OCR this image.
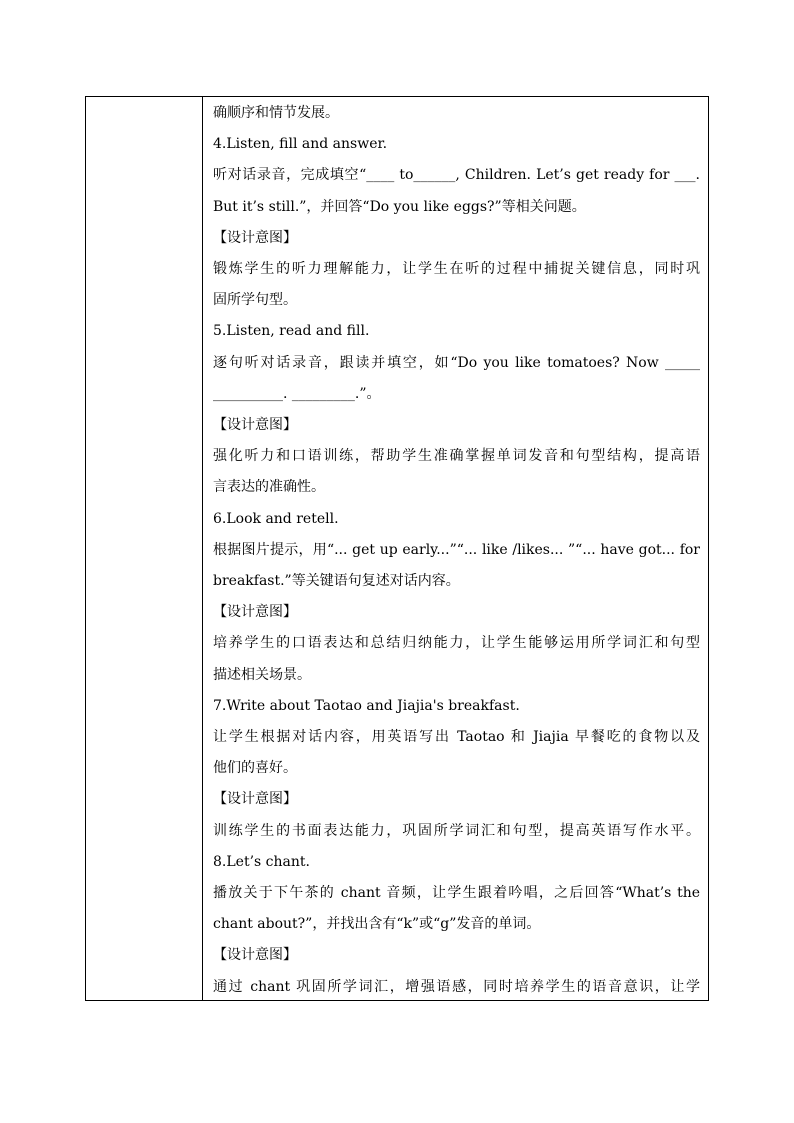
确顺序和情节发展。
4.Listen, fill and answer.
听对话录音，完成填空“____ to______, Children. Let’s get ready for ___.
But it’s still.”，并回答“Do you like eggs?”等相关问题。
【设计意图】
锻炼学生的听力理解能力，让学生在听的过程中捕捉关键信息，同时巩
固所学句型。
5.Listen, read and fill.
逐句听对话录音，跟读并填空，如“Do you like tomatoes? Now _____
__________. _________.”。
【设计意图】
强化听力和口语训练，帮助学生准确掌握单词发音和句型结构，提高语
言表达的准确性。
6.Look and retell.
根据图片提示，用“... get up early...”“... like /likes... ”“... have got... for
breakfast.”等关键语句复述对话内容。
【设计意图】
培养学生的口语表达和总结归纳能力，让学生能够运用所学词汇和句型
描述相关场景。
7.Write about Taotao and Jiajia's breakfast.
让学生根据对话内容，用英语写出 Taotao 和 Jiajia 早餐吃的食物以及
他们的喜好。
【设计意图】
训练学生的书面表达能力，巩固所学词汇和句型，提高英语写作水平。
8.Let’s chant.
播放关于下午茶的 chant 音频，让学生跟着吟唱，之后回答“What’s the
chant about?”，并找出含有“k”或“g”发音的单词。
【设计意图】
通过 chant 巩固所学词汇，增强语感，同时培养学生的语音意识，让学
